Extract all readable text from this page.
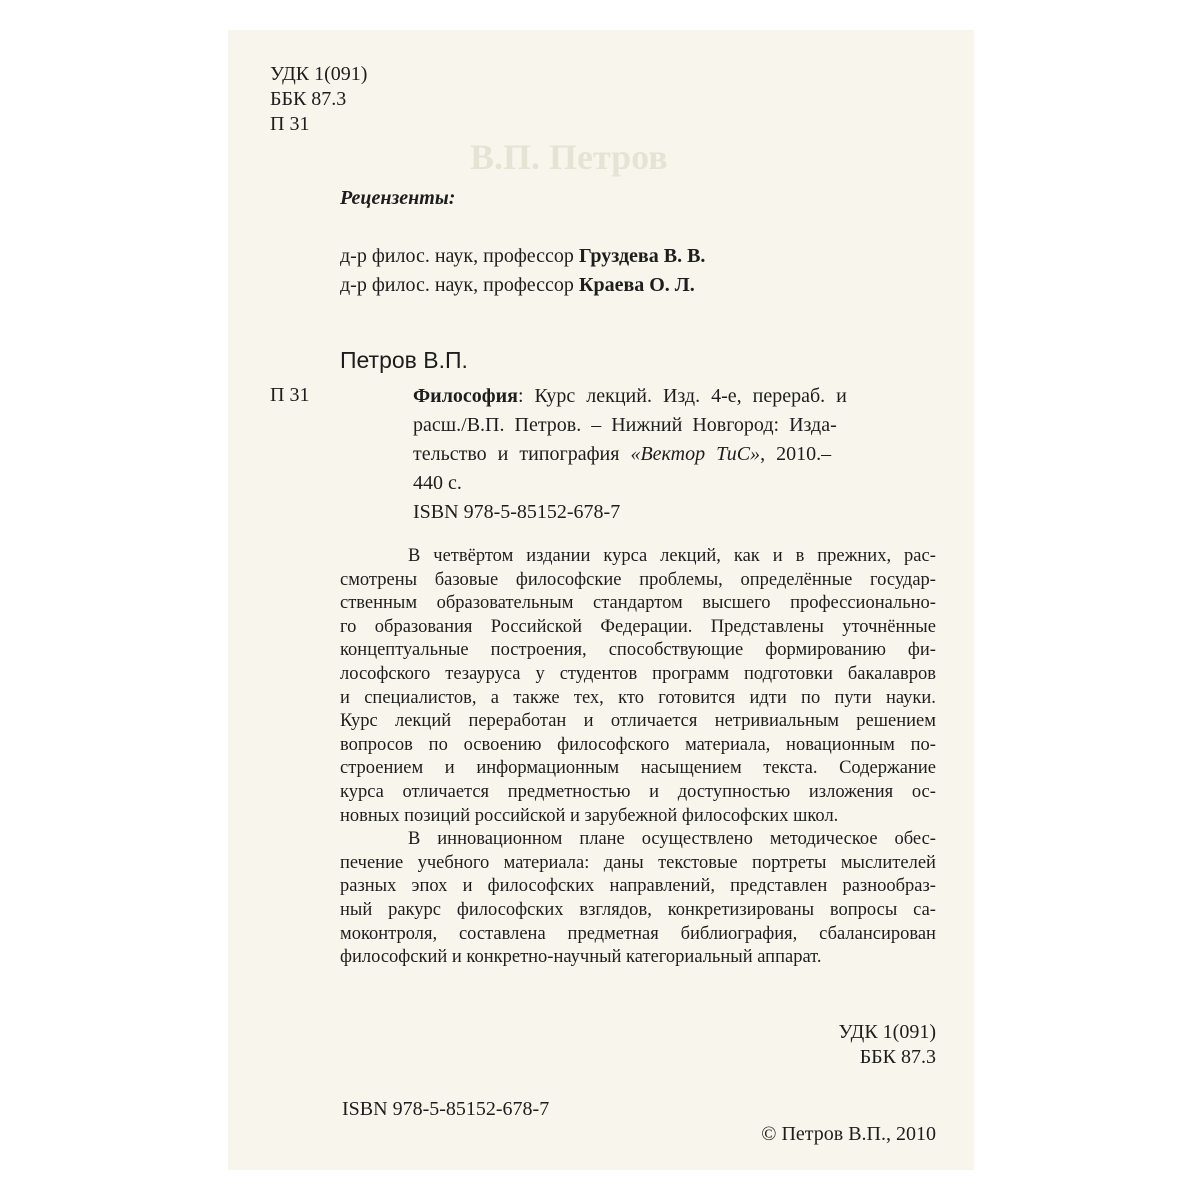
В.П. Петров
УДК 1(091)
ББК 87.3
П 31
Рецензенты:
д-р филос. наук, профессор Груздева В. В.
д-р филос. наук, профессор Краева О. Л.
Петров В.П.
П 31	Философия: Курс лекций. Изд. 4-е, перераб. и
расш./В.П. Петров. – Нижний Новгород: Изда-
тельство и типография «Вектор ТиС», 2010.–
440 с.
ISBN 978-5-85152-678-7
В четвёртом издании курса лекций, как и в прежних, рас-
смотрены базовые философские проблемы, определённые государ-
ственным образовательным стандартом высшего профессионально-
го образования Российской Федерации. Представлены уточнённые
концептуальные построения, способствующие формированию фи-
лософского тезауруса у студентов программ подготовки бакалавров
и специалистов, а также тех, кто готовится идти по пути науки.
Курс лекций переработан и отличается нетривиальным решением
вопросов по освоению философского материала, новационным по-
строением и информационным насыщением текста. Содержание
курса отличается предметностью и доступностью изложения ос-
новных позиций российской и зарубежной философских школ.
В инновационном плане осуществлено методическое обес-
печение учебного материала: даны текстовые портреты мыслителей
разных эпох и философских направлений, представлен разнообраз-
ный ракурс философских взглядов, конкретизированы вопросы са-
моконтроля, составлена предметная библиография, сбалансирован
философский и конкретно-научный категориальный аппарат.
УДК 1(091)
ББК 87.3
ISBN 978-5-85152-678-7
© Петров В.П., 2010
